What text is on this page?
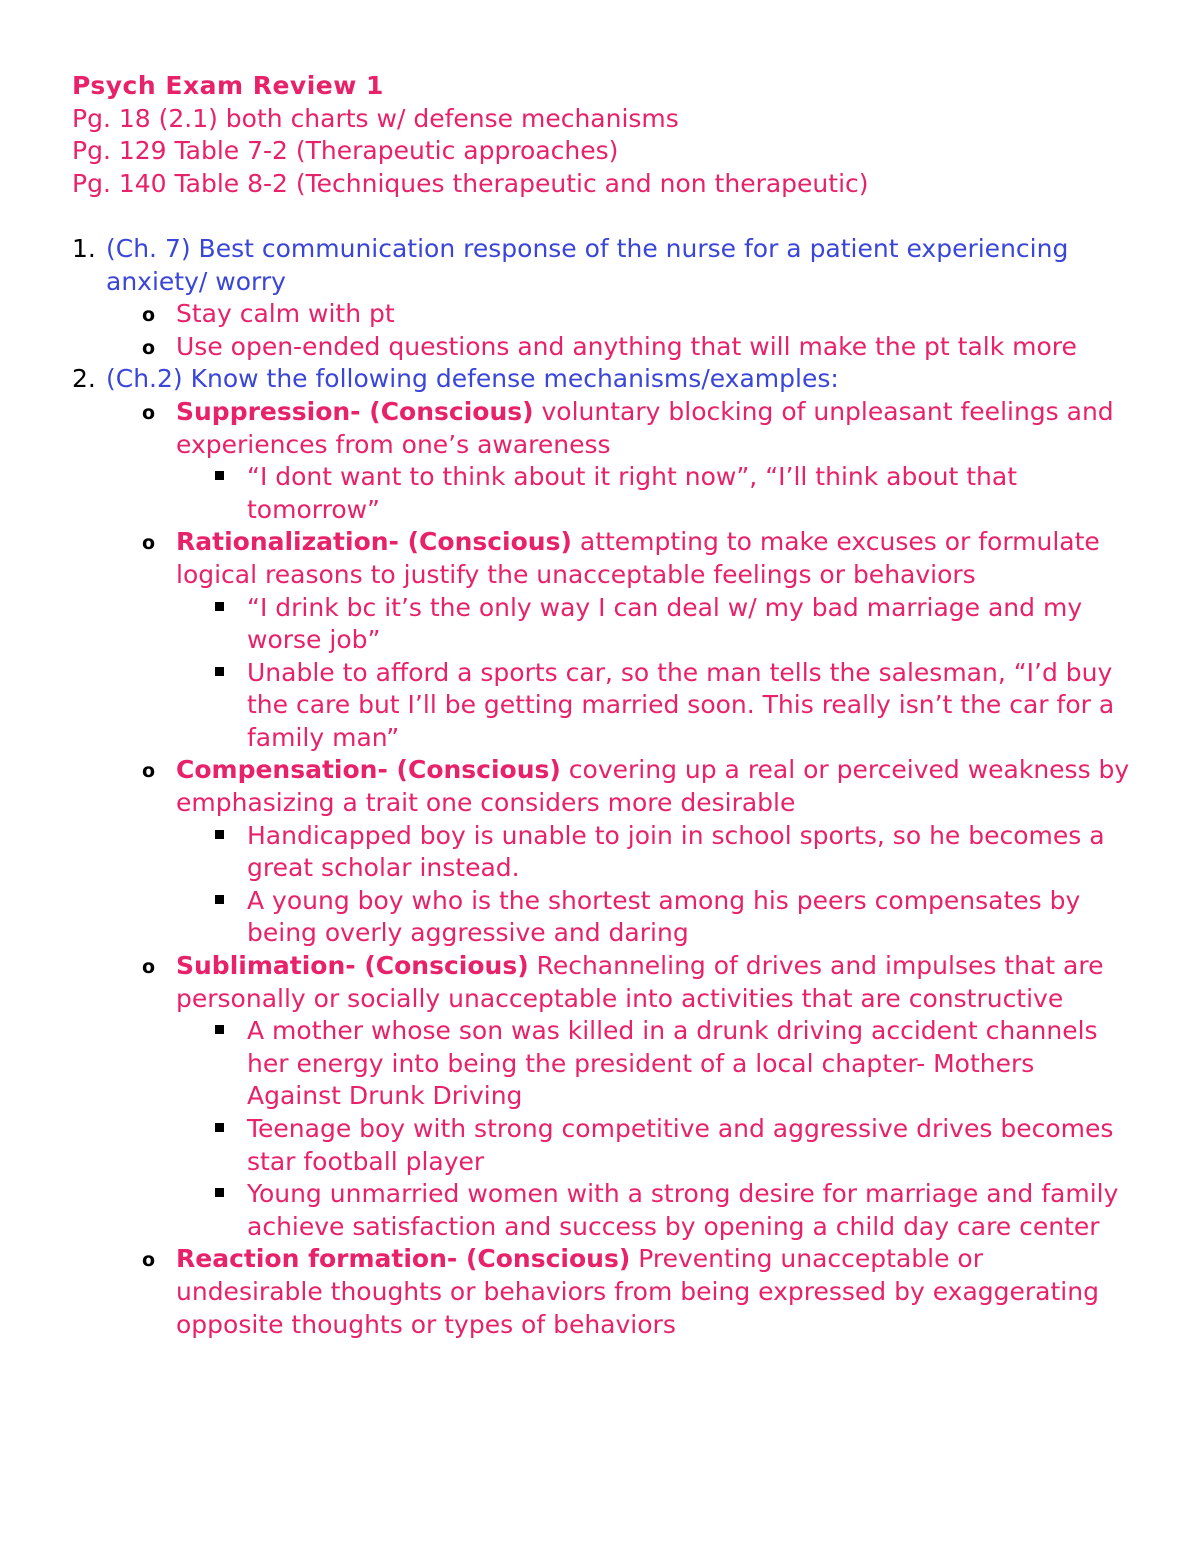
Psych Exam Review 1
Pg. 18 (2.1) both charts w/ defense mechanisms
Pg. 129 Table 7-2 (Therapeutic approaches)
Pg. 140 Table 8-2 (Techniques therapeutic and non therapeutic)
1. (Ch. 7) Best communication response of the nurse for a patient experiencing anxiety/ worry
o Stay calm with pt
o Use open-ended questions and anything that will make the pt talk more
2. (Ch.2) Know the following defense mechanisms/examples:
o Suppression- (Conscious) voluntary blocking of unpleasant feelings and experiences from one’s awareness
“I dont want to think about it right now”, “I’ll think about that tomorrow”
o Rationalization- (Conscious) attempting to make excuses or formulate logical reasons to justify the unacceptable feelings or behaviors
“I drink bc it’s the only way I can deal w/ my bad marriage and my worse job”
Unable to afford a sports car, so the man tells the salesman, “I’d buy the care but I’ll be getting married soon. This really isn’t the car for a family man”
o Compensation- (Conscious) covering up a real or perceived weakness by emphasizing a trait one considers more desirable
Handicapped boy is unable to join in school sports, so he becomes a great scholar instead.
A young boy who is the shortest among his peers compensates by being overly aggressive and daring
o Sublimation- (Conscious) Rechanneling of drives and impulses that are personally or socially unacceptable into activities that are constructive
A mother whose son was killed in a drunk driving accident channels her energy into being the president of a local chapter- Mothers Against Drunk Driving
Teenage boy with strong competitive and aggressive drives becomes star football player
Young unmarried women with a strong desire for marriage and family achieve satisfaction and success by opening a child day care center
o Reaction formation- (Conscious) Preventing unacceptable or undesirable thoughts or behaviors from being expressed by exaggerating opposite thoughts or types of behaviors
